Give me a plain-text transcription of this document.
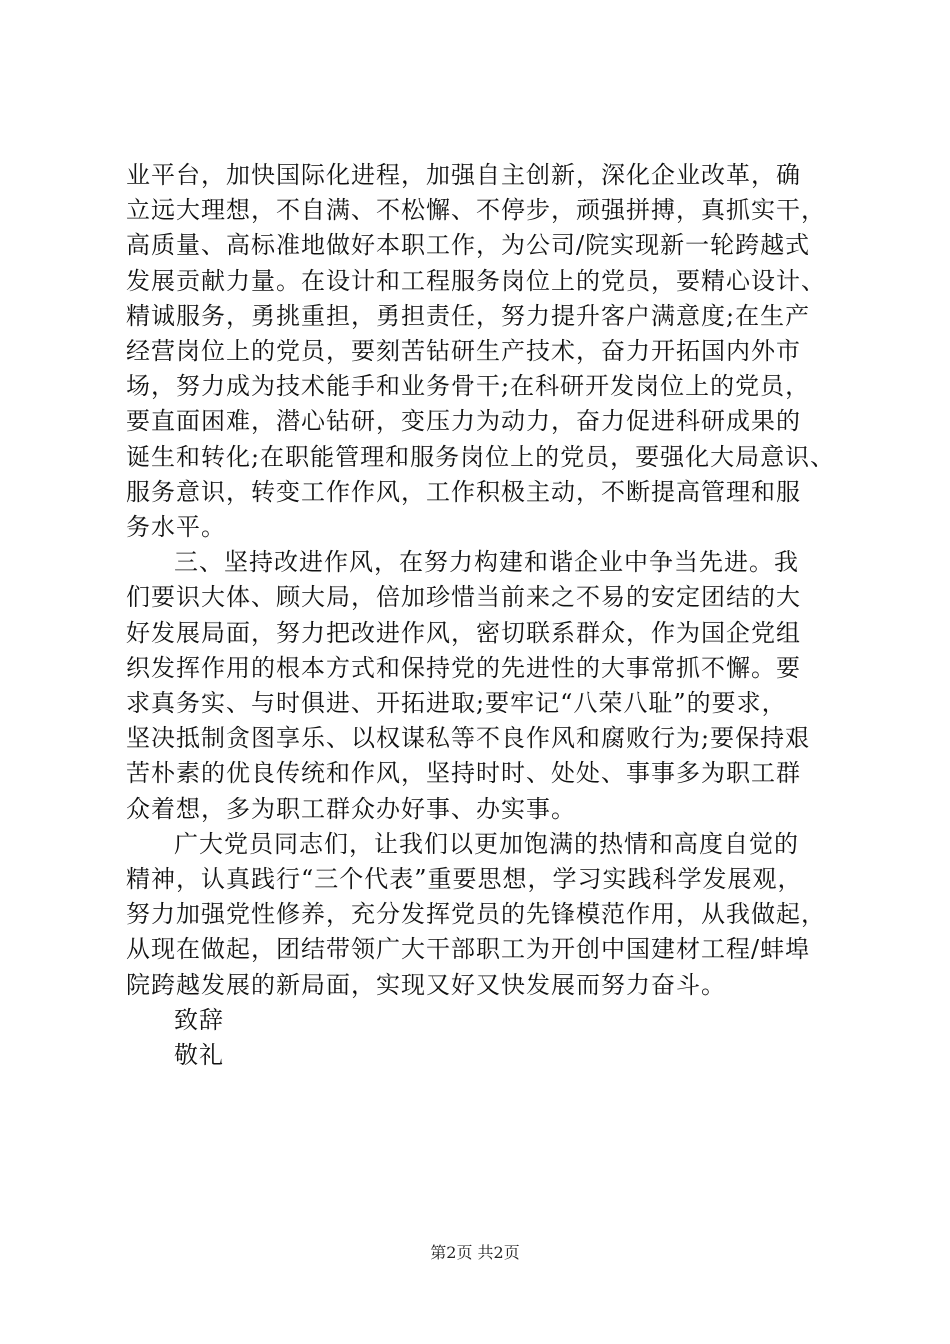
业平台，加快国际化进程，加强自主创新，深化企业改革，确
立远大理想，不自满、不松懈、不停步，顽强拼搏，真抓实干，
高质量、高标准地做好本职工作，为公司/院实现新一轮跨越式
发展贡献力量。在设计和工程服务岗位上的党员，要精心设计、
精诚服务，勇挑重担，勇担责任，努力提升客户满意度;在生产
经营岗位上的党员，要刻苦钻研生产技术，奋力开拓国内外市
场，努力成为技术能手和业务骨干;在科研开发岗位上的党员，
要直面困难，潜心钻研，变压力为动力，奋力促进科研成果的
诞生和转化;在职能管理和服务岗位上的党员，要强化大局意识、
服务意识，转变工作作风，工作积极主动，不断提高管理和服
务水平。

三、坚持改进作风，在努力构建和谐企业中争当先进。我
们要识大体、顾大局，倍加珍惜当前来之不易的安定团结的大
好发展局面，努力把改进作风，密切联系群众，作为国企党组
织发挥作用的根本方式和保持党的先进性的大事常抓不懈。要
求真务实、与时俱进、开拓进取;要牢记“八荣八耻”的要求，
坚决抵制贪图享乐、以权谋私等不良作风和腐败行为;要保持艰
苦朴素的优良传统和作风，坚持时时、处处、事事多为职工群
众着想，多为职工群众办好事、办实事。

广大党员同志们，让我们以更加饱满的热情和高度自觉的
精神，认真践行“三个代表”重要思想，学习实践科学发展观，
努力加强党性修养，充分发挥党员的先锋模范作用，从我做起，
从现在做起，团结带领广大干部职工为开创中国建材工程/蚌埠
院跨越发展的新局面，实现又好又快发展而努力奋斗。

致辞

敬礼

第2页 共2页
